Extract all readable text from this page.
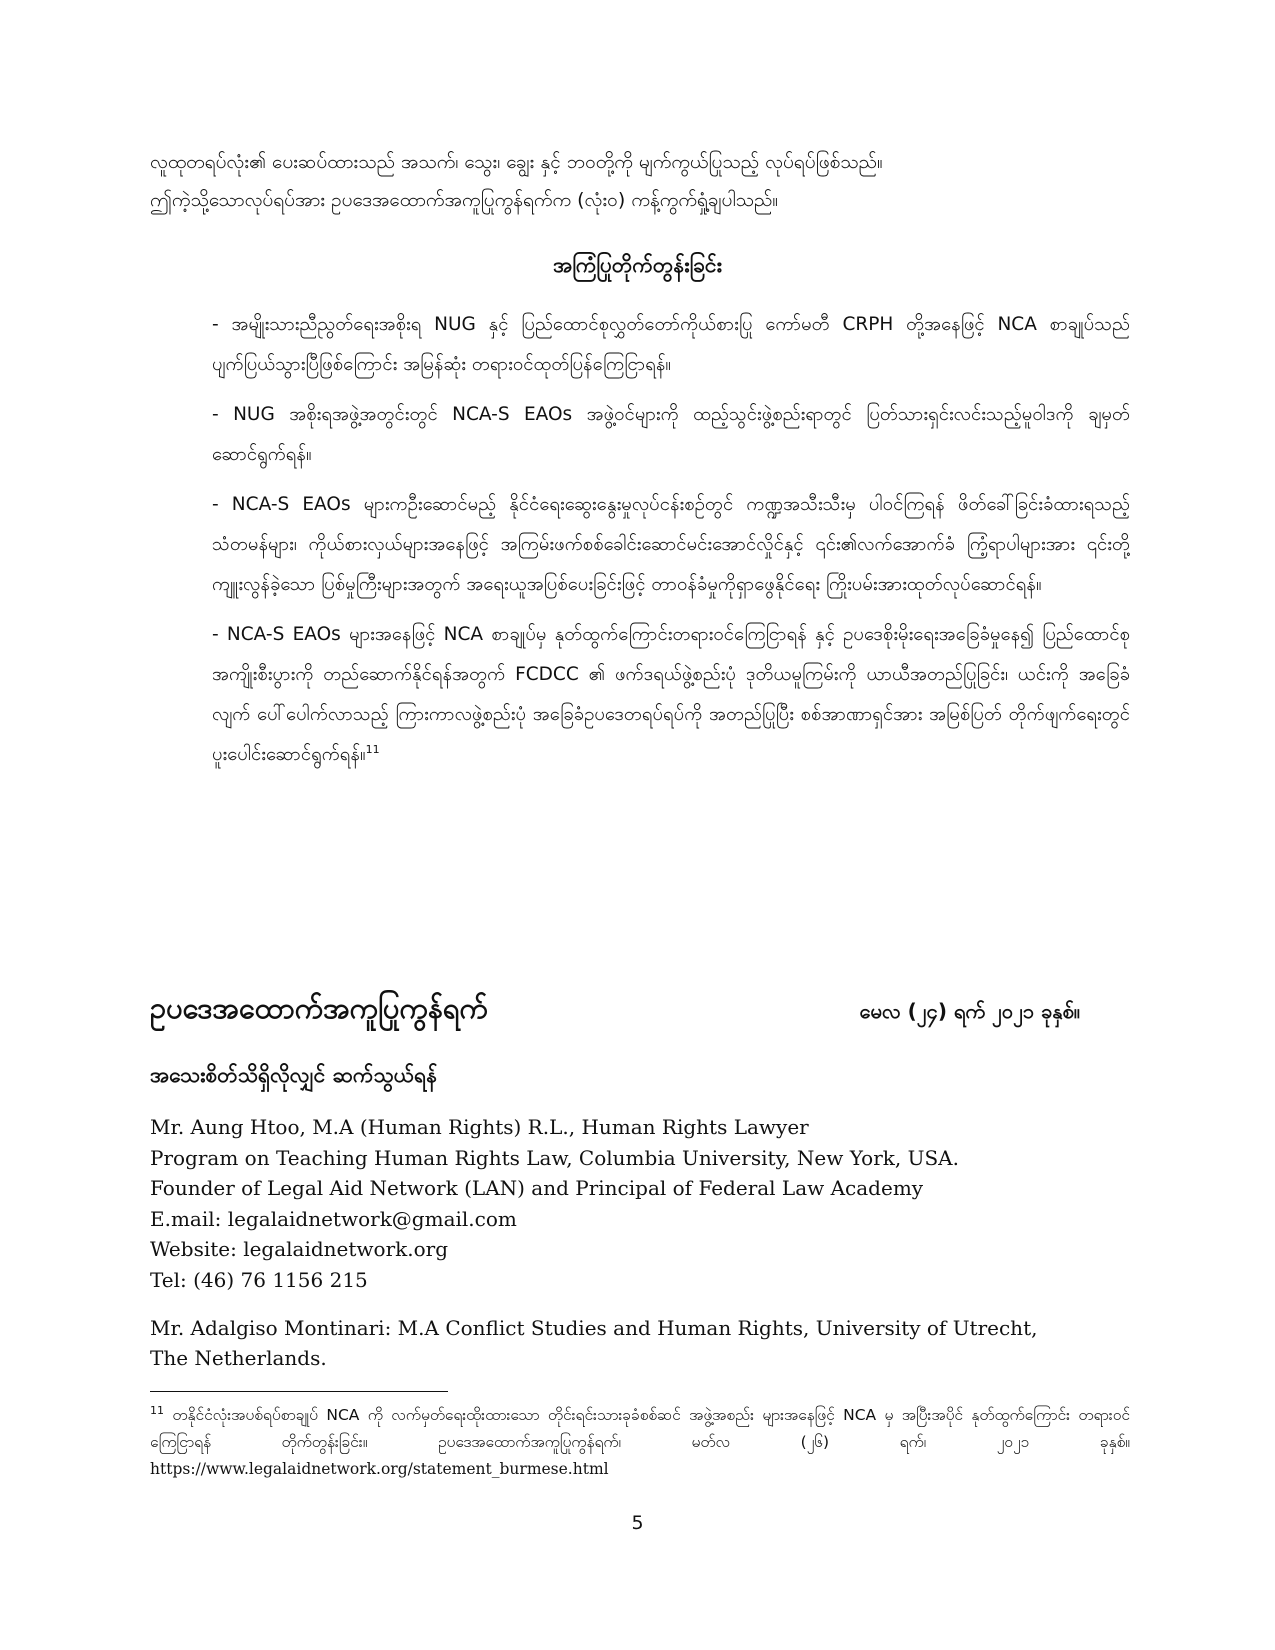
လူထုတရပ်လုံး၏ ပေးဆပ်ထားသည် အသက်၊ သွေး၊ ချွေး နှင့် ဘဝတို့ကို မျက်ကွယ်ပြုသည့် လုပ်ရပ်ဖြစ်သည်။
ဤကဲ့သို့သောလုပ်ရပ်အား ဥပဒေအထောက်အကူပြုကွန်ရက်က (လုံး၀) ကန့်ကွက်ရှုံ့ချပါသည်။
အကြံပြုတိုက်တွန်းခြင်း

- အမျိုးသားညီညွတ်ရေးအစိုးရ NUG နှင့် ပြည်ထောင်စုလွှတ်တော်ကိုယ်စားပြု ကော်မတီ CRPH တို့အနေဖြင့် NCA စာချုပ်သည် ပျက်ပြယ်သွားပြီဖြစ်ကြောင်း အမြန်ဆုံး တရားဝင်ထုတ်ပြန်ကြေငြာရန်။

- NUG အစိုးရအဖွဲ့အတွင်းတွင် NCA-S EAOs အဖွဲ့ဝင်များကို ထည့်သွင်းဖွဲ့စည်းရာတွင် ပြတ်သားရှင်းလင်းသည့်မူဝါဒကို ချမှတ် ဆောင်ရွက်ရန်။

- NCA-S EAOs များကဦးဆောင်မည့် နိုင်ငံရေးဆွေးနွေးမှုလုပ်ငန်းစဉ်တွင် ကဏ္ဍအသီးသီးမှ ပါဝင်ကြရန် ဖိတ်ခေါ်ခြင်းခံထားရသည့် သံတမန်များ၊ ကိုယ်စားလှယ်များအနေဖြင့် အကြမ်းဖက်စစ်ခေါင်းဆောင်မင်းအောင်လှိုင်နှင့် ၎င်း၏လက်အောက်ခံ ကြံ့ရာပါများအား ၎င်းတို့ ကျူးလွန်ခဲ့သော ပြစ်မှုကြီးများအတွက် အရေးယူအပြစ်ပေးခြင်းဖြင့် တာဝန်ခံမှုကိုရှာဖွေနိုင်ရေး ကြိုးပမ်းအားထုတ်လုပ်ဆောင်ရန်။

- NCA-S EAOs များအနေဖြင့် NCA စာချုပ်မှ နုတ်ထွက်ကြောင်းတရားဝင်ကြေငြာရန် နှင့် ဥပဒေစိုးမိုးရေးအခြေခံမှုနေ၍ ပြည်ထောင်စုအကျိုးစီးပွားကို တည်ဆောက်နိုင်ရန်အတွက် FCDCC ၏ ဖက်ဒရယ်ဖွဲ့စည်းပုံ ဒုတိယမူကြမ်းကို ယာယီအတည်ပြုခြင်း၊ ယင်းကို အခြေခံလျက် ပေါ်ပေါက်လာသည့် ကြားကာလဖွဲ့စည်းပုံ အခြေခံဥပဒေတရပ်ရပ်ကို အတည်ပြုပြီး စစ်အာဏာရှင်အား အမြစ်ပြတ် တိုက်ဖျက်ရေးတွင် ပူးပေါင်းဆောင်ရွက်ရန်။$^{11}$

ဥပဒေအထောက်အကူပြုကွန်ရက်	မေလ (၂၄) ရက် ၂၀၂၁ ခုနှစ်။
အသေးစိတ်သိရှိလိုလျှင် ဆက်သွယ်ရန်
Mr. Aung Htoo, M.A (Human Rights) R.L., Human Rights Lawyer
Program on Teaching Human Rights Law, Columbia University, New York, USA.
Founder of Legal Aid Network (LAN) and Principal of Federal Law Academy
E.mail: legalaidnetwork@gmail.com
Website: legalaidnetwork.org
Tel: (46) 76 1156 215
Mr. Adalgiso Montinari: M.A Conflict Studies and Human Rights, University of Utrecht, The Netherlands.
$^{11}$ တနိုင်ငံလုံးအပစ်ရပ်စာချုပ် NCA ကို လက်မှတ်ရေးထိုးထားသော တိုင်းရင်းသားခုခံစစ်ဆင် အဖွဲ့အစည်း များအနေဖြင့် NCA မှ အပြီးအပိုင် နုတ်ထွက်ကြောင်း တရားဝင်ကြေငြာရန် တိုက်တွန်းခြင်း။ ဥပဒေအထောက်အကူပြုကွန်ရက်၊ မတ်လ (၂၆) ရက်၊ ၂၀၂၁ ခုနှစ်။ https://www.legalaidnetwork.org/statement_burmese.html
5
